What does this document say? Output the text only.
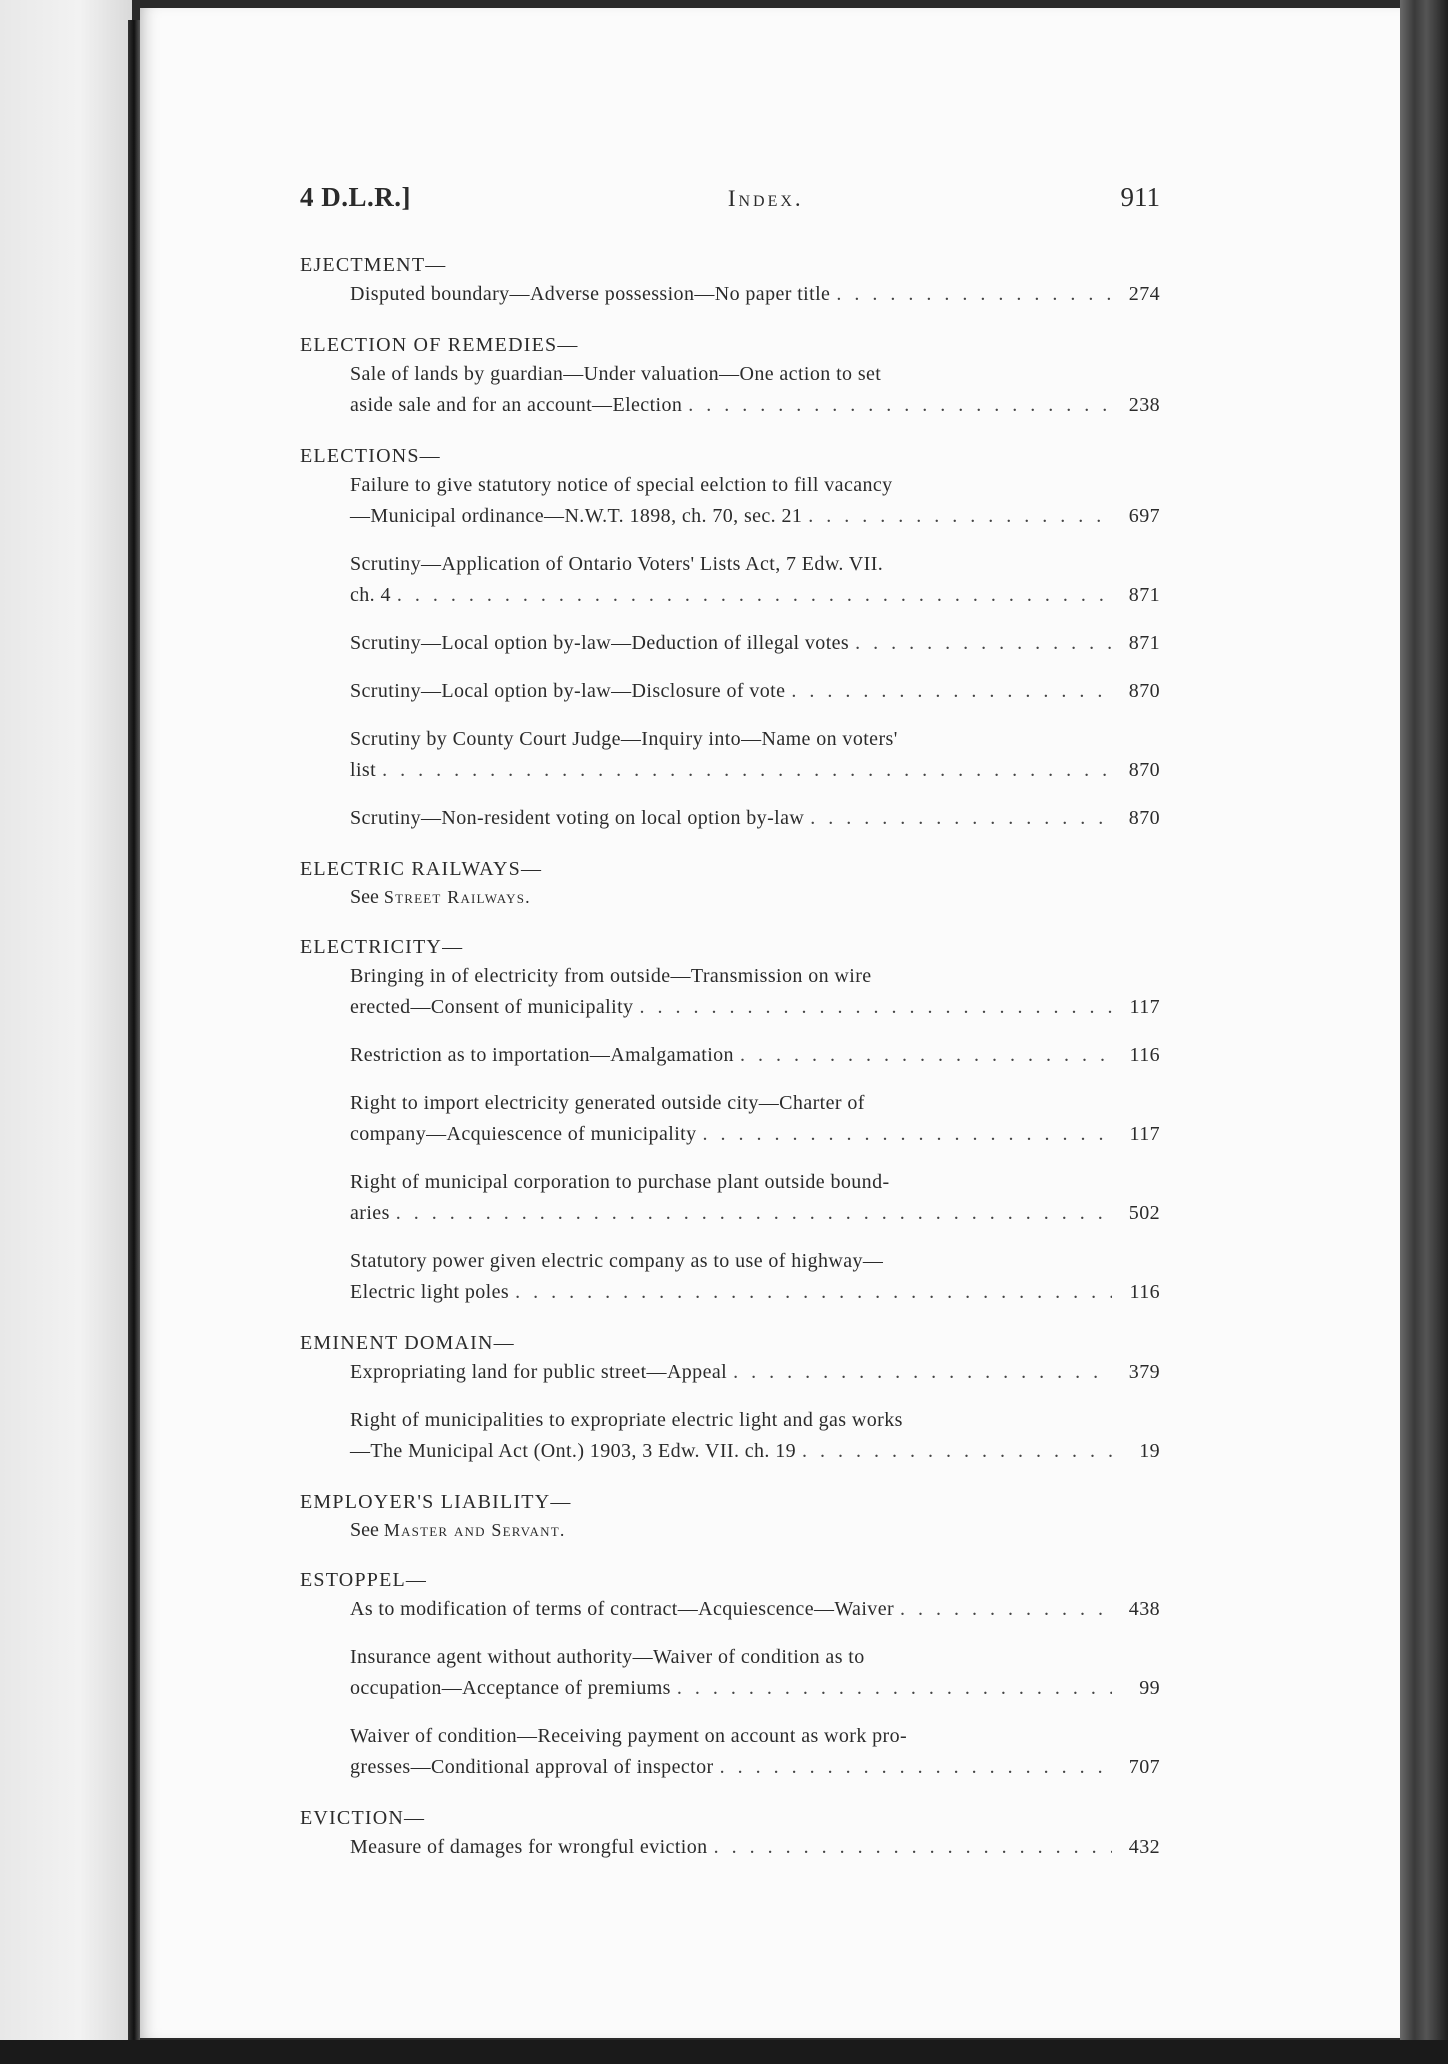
4 D.L.R.]	Index.	911
EJECTMENT—
Disputed boundary—Adverse possession—No paper title . . .	274
ELECTION OF REMEDIES—
Sale of lands by guardian—Under valuation—One action to set
aside sale and for an account—Election . . .	238
ELECTIONS—
Failure to give statutory notice of special eelction to fill vacancy
—Municipal ordinance—N.W.T. 1898, ch. 70, sec. 21 . . .	697
Scrutiny—Application of Ontario Voters' Lists Act, 7 Edw. VII.
ch. 4 . . .	871
Scrutiny—Local option by-law—Deduction of illegal votes . . .	871
Scrutiny—Local option by-law—Disclosure of vote . . .	870
Scrutiny by County Court Judge—Inquiry into—Name on voters'
list . . .	870
Scrutiny—Non-resident voting on local option by-law . . .	870
ELECTRIC RAILWAYS—
See Street Railways.
ELECTRICITY—
Bringing in of electricity from outside—Transmission on wire
erected—Consent of municipality . . .	117
Restriction as to importation—Amalgamation . . .	116
Right to import electricity generated outside city—Charter of
company—Acquiescence of municipality . . .	117
Right of municipal corporation to purchase plant outside bound-
aries . . .	502
Statutory power given electric company as to use of highway—
Electric light poles . . .	116
EMINENT DOMAIN—
Expropriating land for public street—Appeal . . .	379
Right of municipalities to expropriate electric light and gas works
—The Municipal Act (Ont.) 1903, 3 Edw. VII. ch. 19 . . .	19
EMPLOYER'S LIABILITY—
See Master and Servant.
ESTOPPEL—
As to modification of terms of contract—Acquiescence—Waiver . . .	438
Insurance agent without authority—Waiver of condition as to
occupation—Acceptance of premiums . . .	99
Waiver of condition—Receiving payment on account as work pro-
gresses—Conditional approval of inspector . . .	707
EVICTION—
Measure of damages for wrongful eviction . . .	432
